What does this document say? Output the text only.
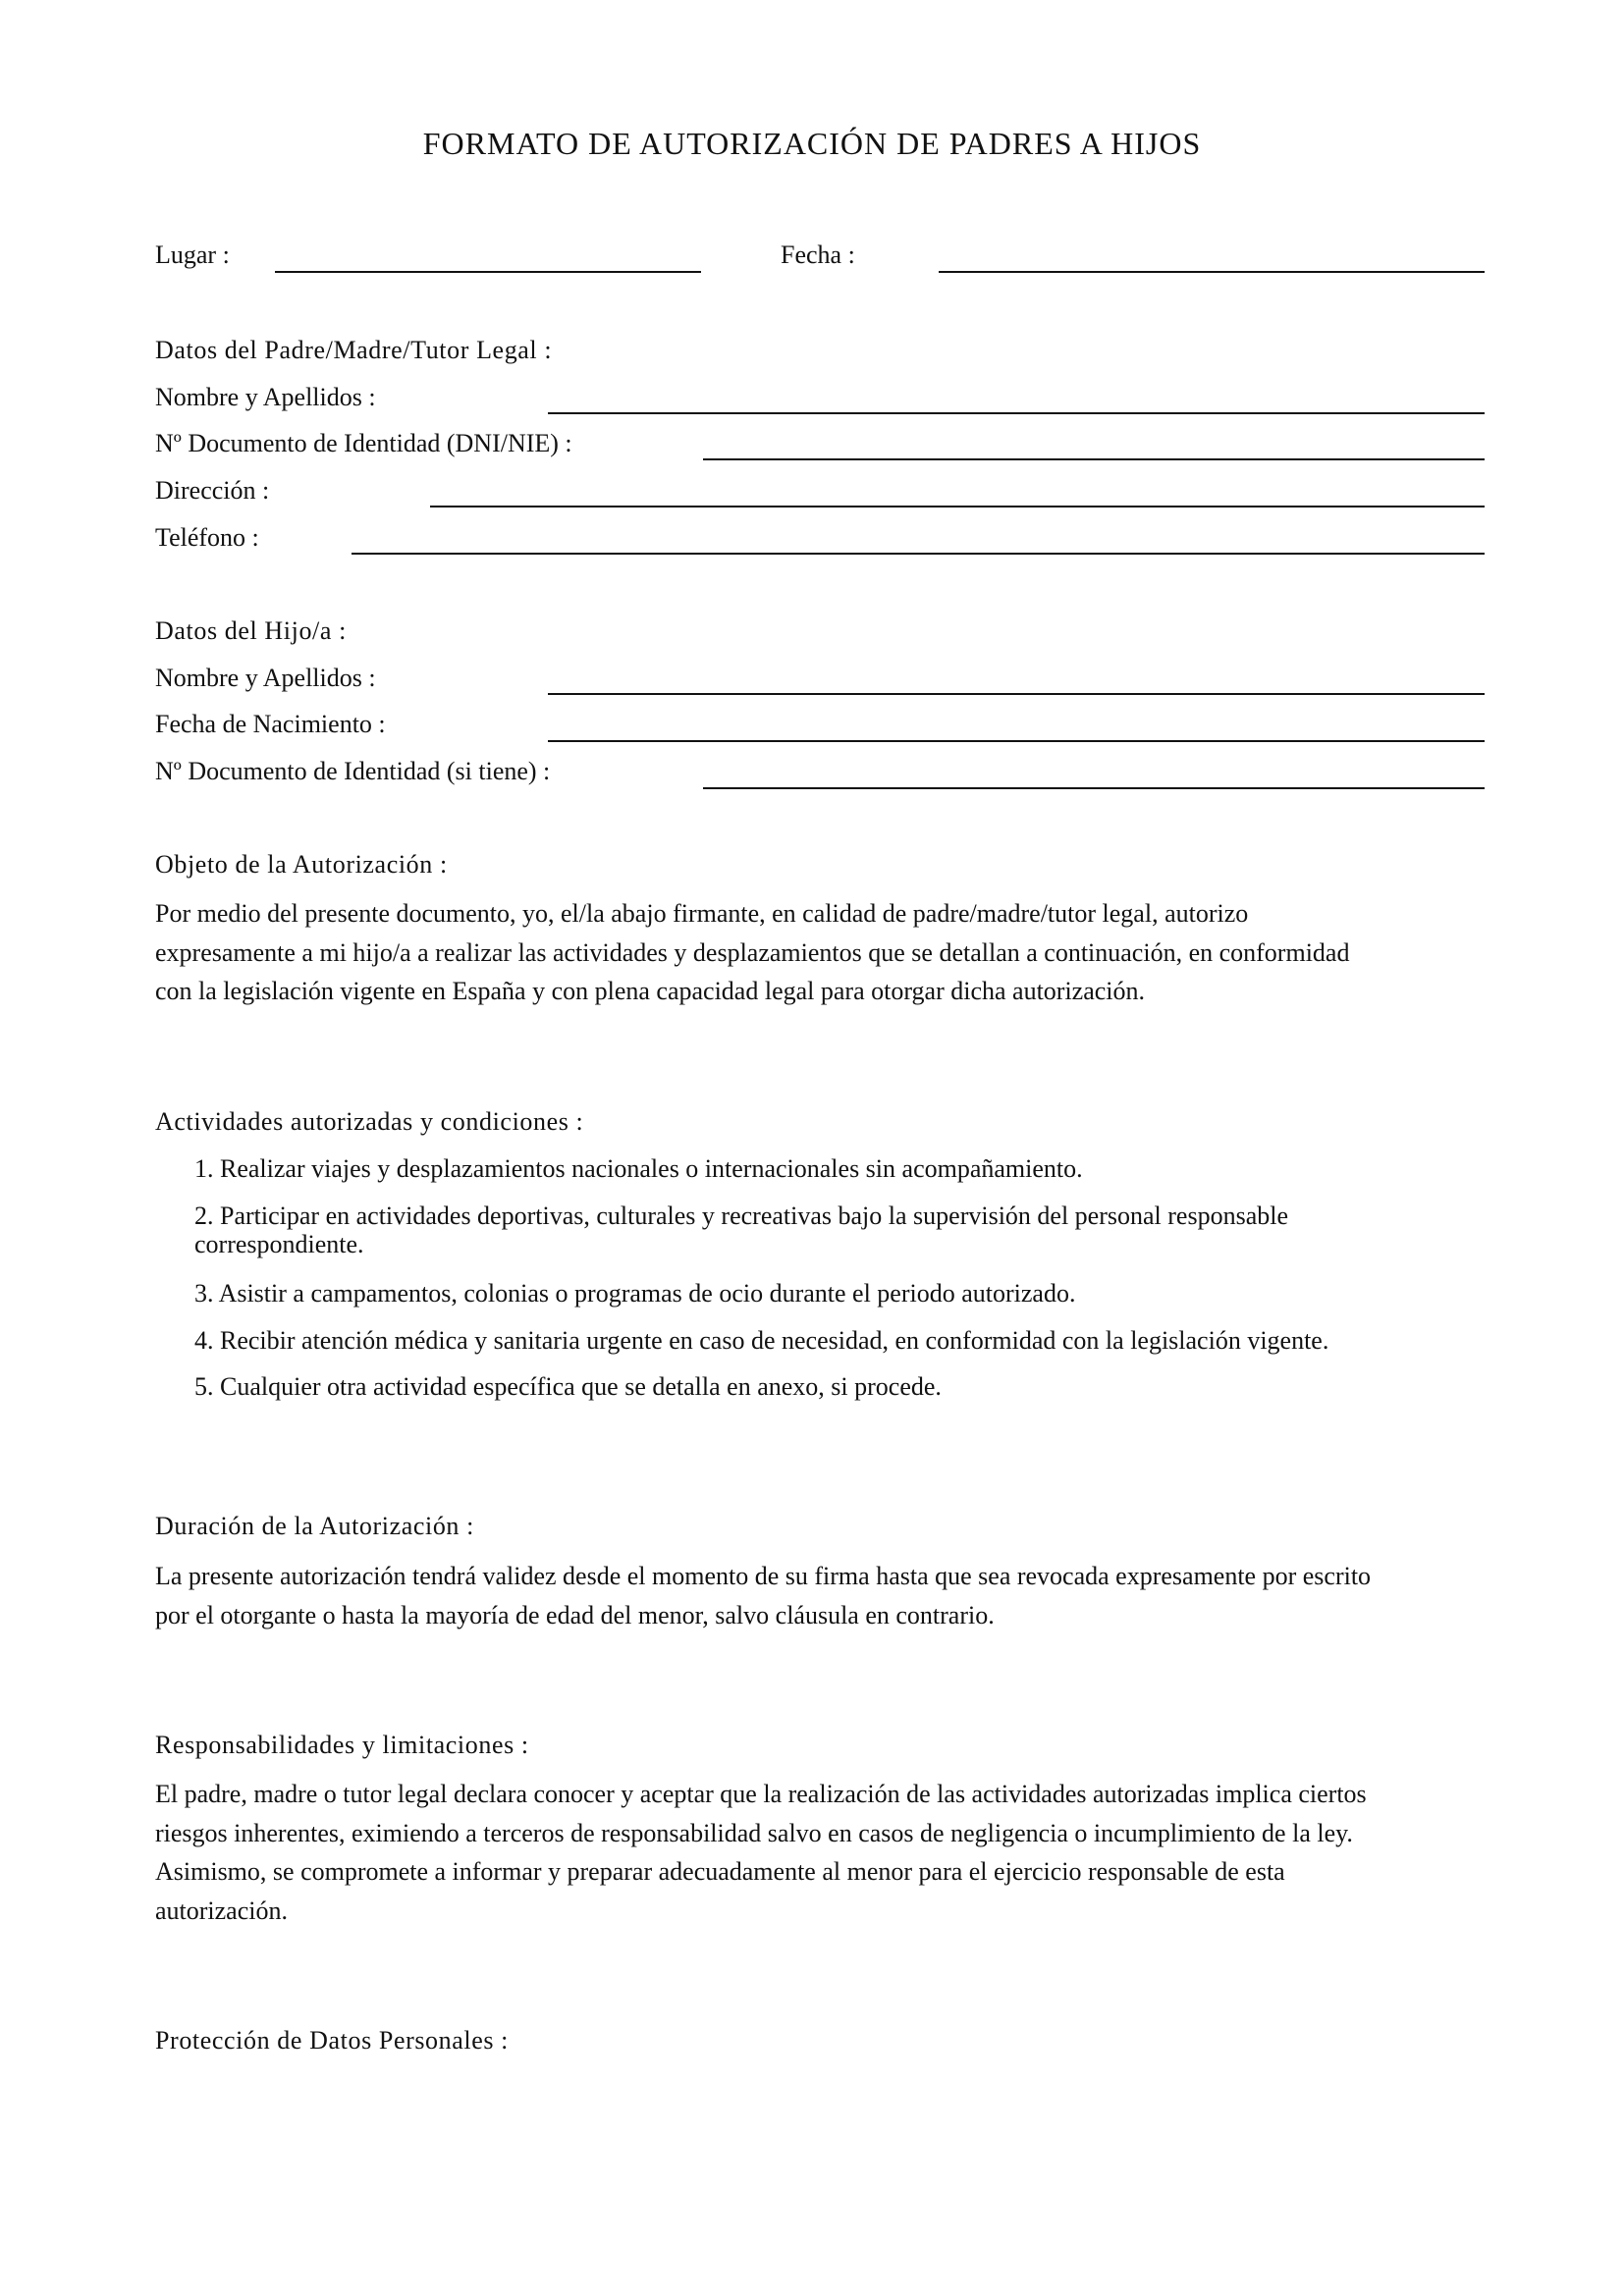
FORMATO DE AUTORIZACIÓN DE PADRES A HIJOS
Lugar :	Fecha :
Datos del Padre/Madre/Tutor Legal :
Nombre y Apellidos :
Nº Documento de Identidad (DNI/NIE) :
Dirección :
Teléfono :
Datos del Hijo/a :
Nombre y Apellidos :
Fecha de Nacimiento :
Nº Documento de Identidad (si tiene) :
Objeto de la Autorización :
Por medio del presente documento, yo, el/la abajo firmante, en calidad de padre/madre/tutor legal, autorizo
expresamente a mi hijo/a a realizar las actividades y desplazamientos que se detallan a continuación, en conformidad
con la legislación vigente en España y con plena capacidad legal para otorgar dicha autorización.
Actividades autorizadas y condiciones :
1. Realizar viajes y desplazamientos nacionales o internacionales sin acompañamiento.
2. Participar en actividades deportivas, culturales y recreativas bajo la supervisión del personal responsable
correspondiente.
3. Asistir a campamentos, colonias o programas de ocio durante el periodo autorizado.
4. Recibir atención médica y sanitaria urgente en caso de necesidad, en conformidad con la legislación vigente.
5. Cualquier otra actividad específica que se detalla en anexo, si procede.
Duración de la Autorización :
La presente autorización tendrá validez desde el momento de su firma hasta que sea revocada expresamente por escrito
por el otorgante o hasta la mayoría de edad del menor, salvo cláusula en contrario.
Responsabilidades y limitaciones :
El padre, madre o tutor legal declara conocer y aceptar que la realización de las actividades autorizadas implica ciertos
riesgos inherentes, eximiendo a terceros de responsabilidad salvo en casos de negligencia o incumplimiento de la ley.
Asimismo, se compromete a informar y preparar adecuadamente al menor para el ejercicio responsable de esta
autorización.
Protección de Datos Personales :
